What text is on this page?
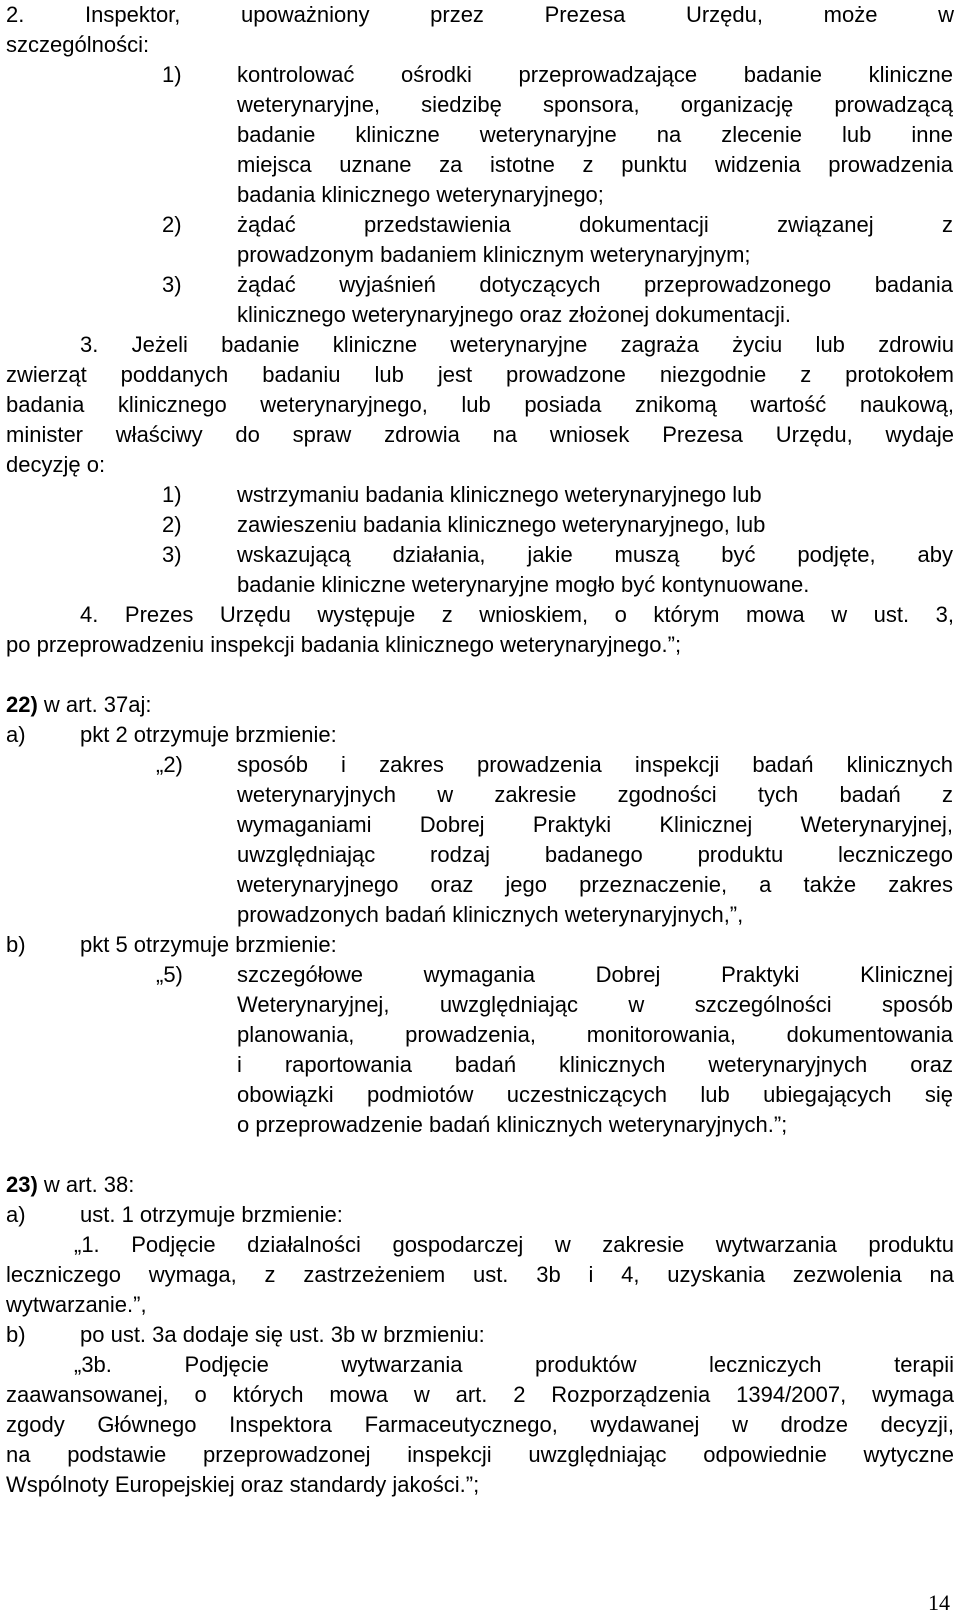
2. Inspektor, upoważniony przez Prezesa Urzędu, może w
szczególności:
1)	kontrolować ośrodki przeprowadzające badanie kliniczne
weterynaryjne, siedzibę sponsora, organizację prowadzącą
badanie kliniczne weterynaryjne na zlecenie lub inne
miejsca uznane za istotne z punktu widzenia prowadzenia
badania klinicznego weterynaryjnego;
2)	żądać przedstawienia dokumentacji związanej z
prowadzonym badaniem klinicznym weterynaryjnym;
3)	żądać wyjaśnień dotyczących przeprowadzonego badania
klinicznego weterynaryjnego oraz złożonej dokumentacji.
3. Jeżeli badanie kliniczne weterynaryjne zagraża życiu lub zdrowiu
zwierząt poddanych badaniu lub jest prowadzone niezgodnie z protokołem
badania klinicznego weterynaryjnego, lub posiada znikomą wartość naukową,
minister właściwy do spraw zdrowia na wniosek Prezesa Urzędu, wydaje
decyzję o:
1)	wstrzymaniu badania klinicznego weterynaryjnego lub
2)	zawieszeniu badania klinicznego weterynaryjnego, lub
3)	wskazującą działania, jakie muszą być podjęte, aby
badanie kliniczne weterynaryjne mogło być kontynuowane.
4. Prezes Urzędu występuje z wnioskiem, o którym mowa w ust. 3,
po przeprowadzeniu inspekcji badania klinicznego weterynaryjnego.”;
22) w art. 37aj:
a) pkt 2 otrzymuje brzmienie:
„2) sposób i zakres prowadzenia inspekcji badań klinicznych
weterynaryjnych w zakresie zgodności tych badań z
wymaganiami Dobrej Praktyki Klinicznej Weterynaryjnej,
uwzględniając rodzaj badanego produktu leczniczego
weterynaryjnego oraz jego przeznaczenie, a także zakres
prowadzonych badań klinicznych weterynaryjnych,”,
b) pkt 5 otrzymuje brzmienie:
„5) szczegółowe wymagania Dobrej Praktyki Klinicznej
Weterynaryjnej, uwzględniając w szczególności sposób
planowania, prowadzenia, monitorowania, dokumentowania
i raportowania badań klinicznych weterynaryjnych oraz
obowiązki podmiotów uczestniczących lub ubiegających się
o przeprowadzenie badań klinicznych weterynaryjnych.”;
23) w art. 38:
a) ust. 1 otrzymuje brzmienie:
„1. Podjęcie działalności gospodarczej w zakresie wytwarzania produktu
leczniczego wymaga, z zastrzeżeniem ust. 3b i 4, uzyskania zezwolenia na
wytwarzanie.”,
b) po ust. 3a dodaje się ust. 3b w brzmieniu:
„3b. Podjęcie wytwarzania produktów leczniczych terapii
zaawansowanej, o których mowa w art. 2 Rozporządzenia 1394/2007, wymaga
zgody Głównego Inspektora Farmaceutycznego, wydawanej w drodze decyzji,
na podstawie przeprowadzonej inspekcji uwzględniając odpowiednie wytyczne
Wspólnoty Europejskiej oraz standardy jakości.”;
14
